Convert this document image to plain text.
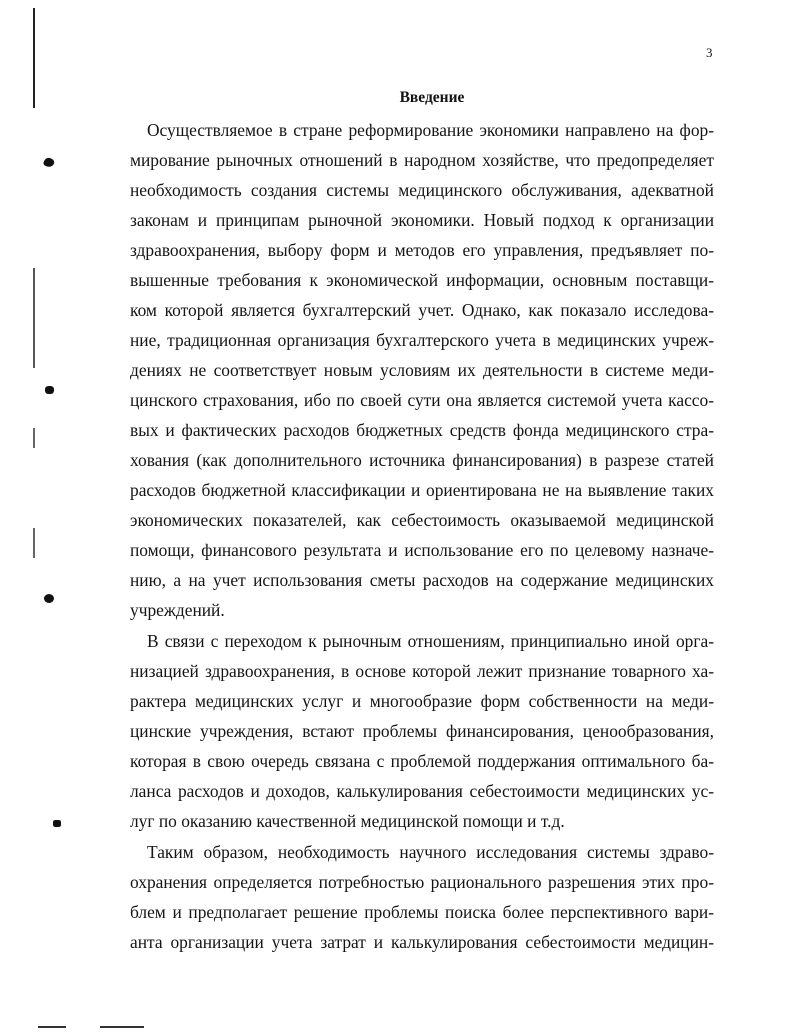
3
Введение
Осуществляемое в стране реформирование экономики направлено на фор-
мирование рыночных отношений в народном хозяйстве, что предопределяет
необходимость создания системы медицинского обслуживания, адекватной
законам и принципам рыночной экономики. Новый подход к организации
здравоохранения, выбору форм и методов его управления, предъявляет по-
вышенные требования к экономической информации, основным поставщи-
ком которой является бухгалтерский учет. Однако, как показало исследова-
ние, традиционная организация бухгалтерского учета в медицинских учреж-
дениях не соответствует новым условиям их деятельности в системе меди-
цинского страхования, ибо по своей сути она является системой учета кассо-
вых и фактических расходов бюджетных средств фонда медицинского стра-
хования (как дополнительного источника финансирования) в разрезе статей
расходов бюджетной классификации и ориентирована не на выявление таких
экономических показателей, как себестоимость оказываемой медицинской
помощи, финансового результата и использование его по целевому назначе-
нию, а на учет использования сметы расходов на содержание медицинских
учреждений.
В связи с переходом к рыночным отношениям, принципиально иной орга-
низацией здравоохранения, в основе которой лежит признание товарного ха-
рактера медицинских услуг и многообразие форм собственности на меди-
цинские учреждения, встают проблемы финансирования, ценообразования,
которая в свою очередь связана с проблемой поддержания оптимального ба-
ланса расходов и доходов, калькулирования себестоимости медицинских ус-
луг по оказанию качественной медицинской помощи и т.д.
Таким образом, необходимость научного исследования системы здраво-
охранения определяется потребностью рационального разрешения этих про-
блем и предполагает решение проблемы поиска более перспективного вари-
анта организации учета затрат и калькулирования себестоимости медицин-
